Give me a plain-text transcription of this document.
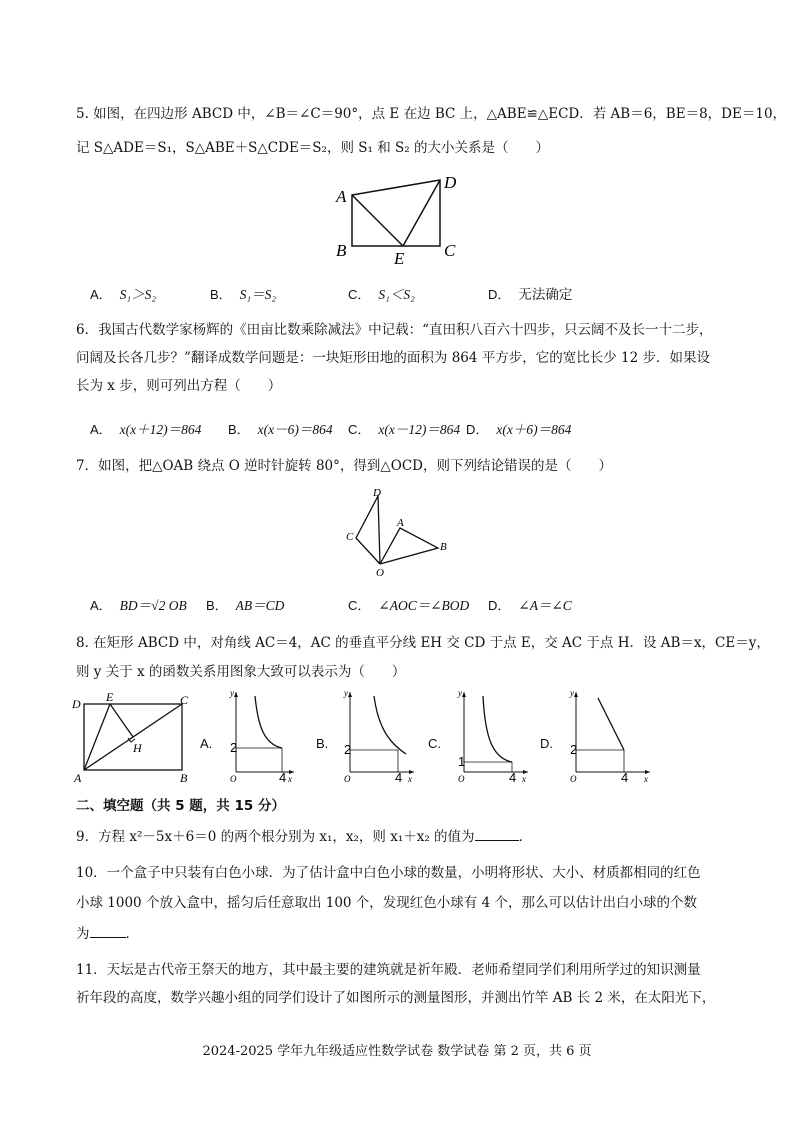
5. 如图，在四边形 ABCD 中，∠B＝∠C＝90°，点 E 在边 BC 上，△ABE≌△ECD．若 AB＝6，BE＝8，DE＝10，
记 S△ADE＝S₁，S△ABE＋S△CDE＝S₂，则 S₁ 和 S₂ 的大小关系是（　　）
A
D
B	C
E
A． S₁＞S₂	B． S₁＝S₂	C． S₁＜S₂	D． 无法确定
6．我国古代数学家杨辉的《田亩比数乘除减法》中记载：“直田积八百六十四步，只云阔不及长一十二步，
问阔及长各几步？”翻译成数学问题是：一块矩形田地的面积为 864 平方步，它的宽比长少 12 步．如果设
长为 x 步，则可列出方程（　　）
A． x(x＋12)＝864 B． x(x－6)＝864 C． x(x－12)＝864 D． x(x＋6)＝864
7．如图，把△OAB 绕点 O 逆时针旋转 80°，得到△OCD，则下列结论错误的是（　　）
D
C
A
B
O
A． BD＝√2 OB B． AB＝CD	C． ∠AOC＝∠BOD D． ∠A＝∠C
8. 在矩形 ABCD 中，对角线 AC＝4，AC 的垂直平分线 EH 交 CD 于点 E，交 AC 于点 H．设 AB＝x，CE＝y，
则 y 关于 x 的函数关系用图象大致可以表示为（　　）
D E	C
H
A	B
A.
y
x
2
4
O
B.
y
x
2
4
O
C.
y
x
1
4
O
D.
y
x
2
4
O
二、填空题（共 5 题，共 15 分）
9．方程 x²－5x＋6＝0 的两个根分别为 x₁，x₂，则 x₁＋x₂ 的值为	．
10．一个盒子中只装有白色小球．为了估计盒中白色小球的数量，小明将形状、大小、材质都相同的红色
小球 1000 个放入盒中，摇匀后任意取出 100 个，发现红色小球有 4 个，那么可以估计出白小球的个数
为	．
11．天坛是古代帝王祭天的地方，其中最主要的建筑就是祈年殿．老师希望同学们利用所学过的知识测量
祈年段的高度，数学兴趣小组的同学们设计了如图所示的测量图形，并测出竹竿 AB 长 2 米，在太阳光下，
2024-2025 学年九年级适应性数学试卷 数学试卷 第 2 页，共 6 页
